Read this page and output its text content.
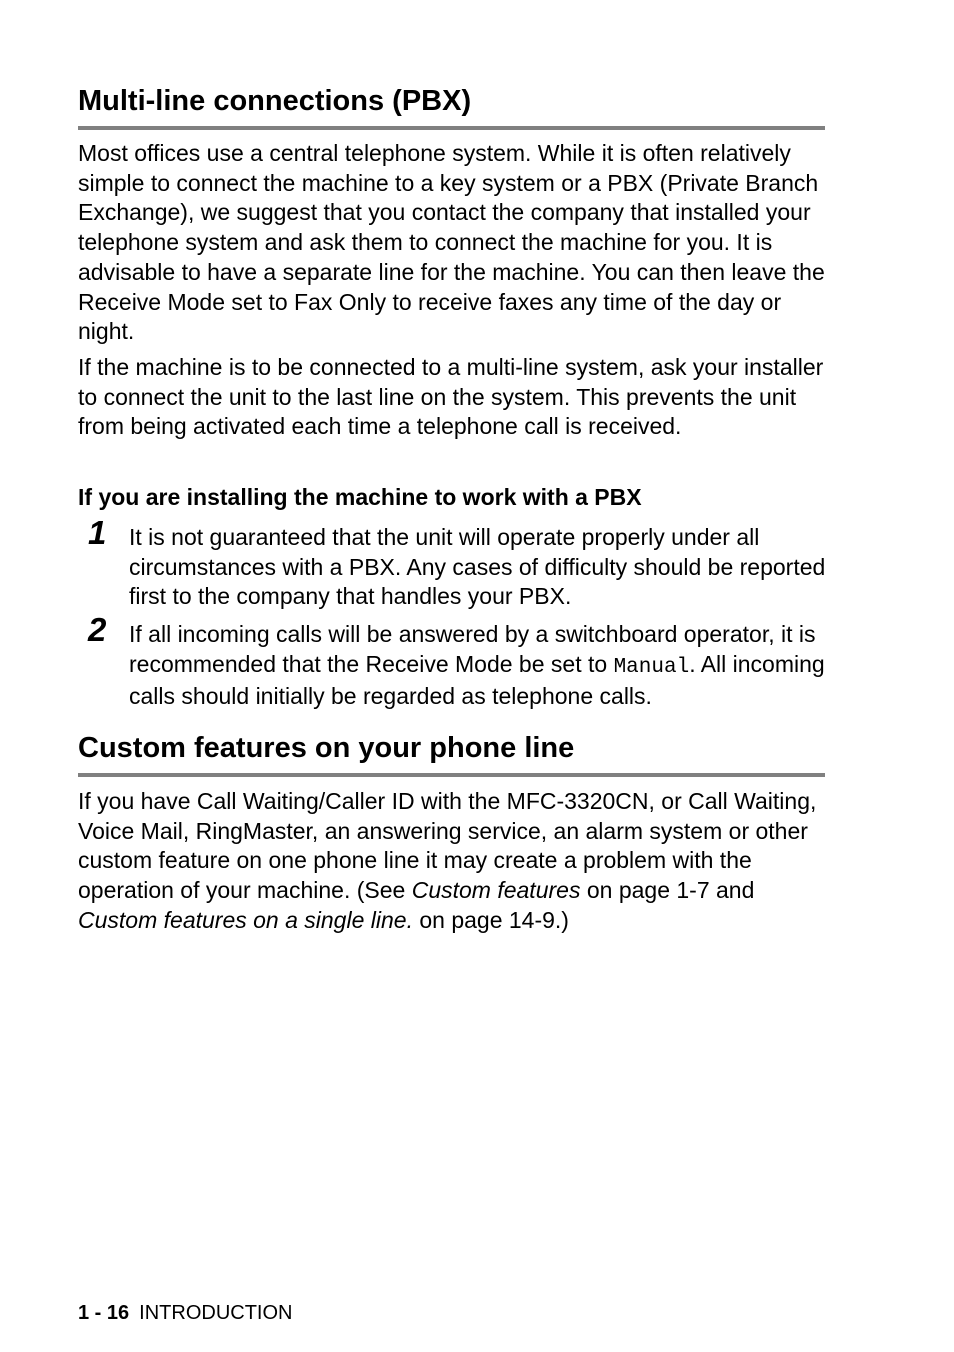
Multi-line connections (PBX)

Most offices use a central telephone system. While it is often relatively simple to connect the machine to a key system or a PBX (Private Branch Exchange), we suggest that you contact the company that installed your telephone system and ask them to connect the machine for you. It is advisable to have a separate line for the machine. You can then leave the Receive Mode set to Fax Only to receive faxes any time of the day or night.

If the machine is to be connected to a multi-line system, ask your installer to connect the unit to the last line on the system. This prevents the unit from being activated each time a telephone call is received.

If you are installing the machine to work with a PBX
1 It is not guaranteed that the unit will operate properly under all circumstances with a PBX. Any cases of difficulty should be reported first to the company that handles your PBX.
2 If all incoming calls will be answered by a switchboard operator, it is recommended that the Receive Mode be set to Manual. All incoming calls should initially be regarded as telephone calls.
Custom features on your phone line

If you have Call Waiting/Caller ID with the MFC-3320CN, or Call Waiting, Voice Mail, RingMaster, an answering service, an alarm system or other custom feature on one phone line it may create a problem with the operation of your machine. (See Custom features on page 1-7 and Custom features on a single line. on page 14-9.)

1 - 16 INTRODUCTION
